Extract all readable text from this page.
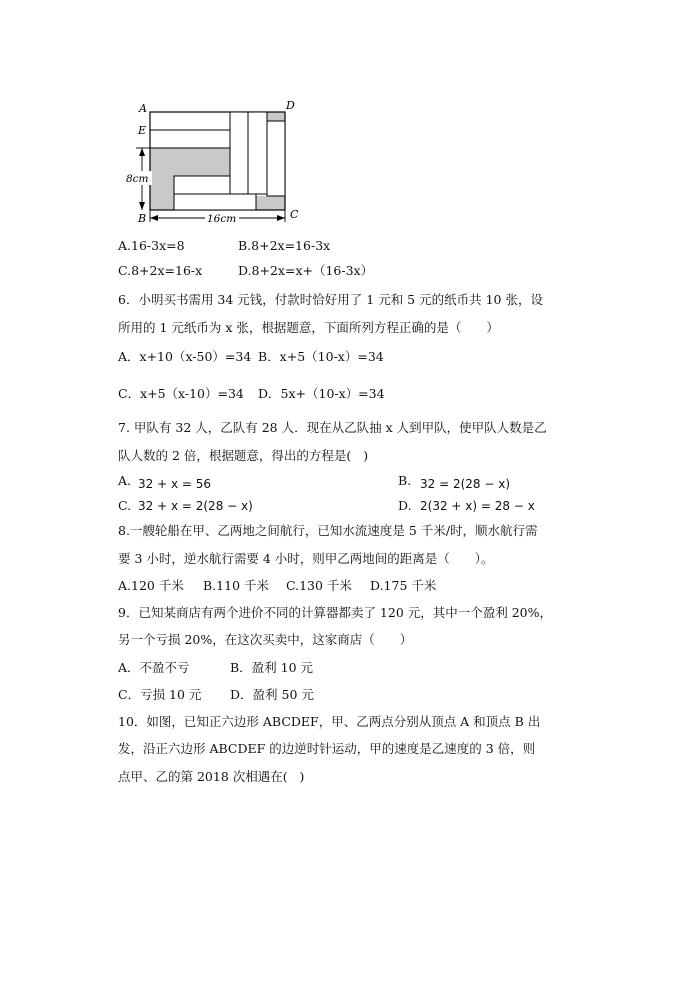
A	D
E
B	C
8cm
16cm
A.16-3x=8	B.8+2x=16-3x
C.8+2x=16-x	D.8+2x=x+（16-3x）
6．小明买书需用 34 元钱，付款时恰好用了 1 元和 5 元的纸币共 10 张，设
所用的 1 元纸币为 x 张，根据题意，下面所列方程正确的是（　　）
A．x+10（x-50）=34 B．x+5（10-x）=34
C．x+5（x-10）=34 D．5x+（10-x）=34
7. 甲队有 32 人，乙队有 28 人．现在从乙队抽 x 人到甲队，使甲队人数是乙
队人数的 2 倍，根据题意，得出的方程是(   )
A. 32 + x = 56	B. 32 = 2(28 − x)
C. 32 + x = 2(28 − x)	D. 2(32 + x) = 28 − x
8.一艘轮船在甲、乙两地之间航行，已知水流速度是 5 千米/时，顺水航行需
要 3 小时，逆水航行需要 4 小时，则甲乙两地间的距离是（　　）。
A.120 千米 B.110 千米 C.130 千米 D.175 千米
9．已知某商店有两个进价不同的计算器都卖了 120 元，其中一个盈利 20%，
另一个亏损 20%，在这次买卖中，这家商店（　　）
A．不盈不亏	B．盈利 10 元
C．亏损 10 元 D．盈利 50 元
10．如图，已知正六边形 ABCDEF，甲、乙两点分别从顶点 A 和顶点 B 出
发，沿正六边形 ABCDEF 的边逆时针运动，甲的速度是乙速度的 3 倍，则
点甲、乙的第 2018 次相遇在(   )
